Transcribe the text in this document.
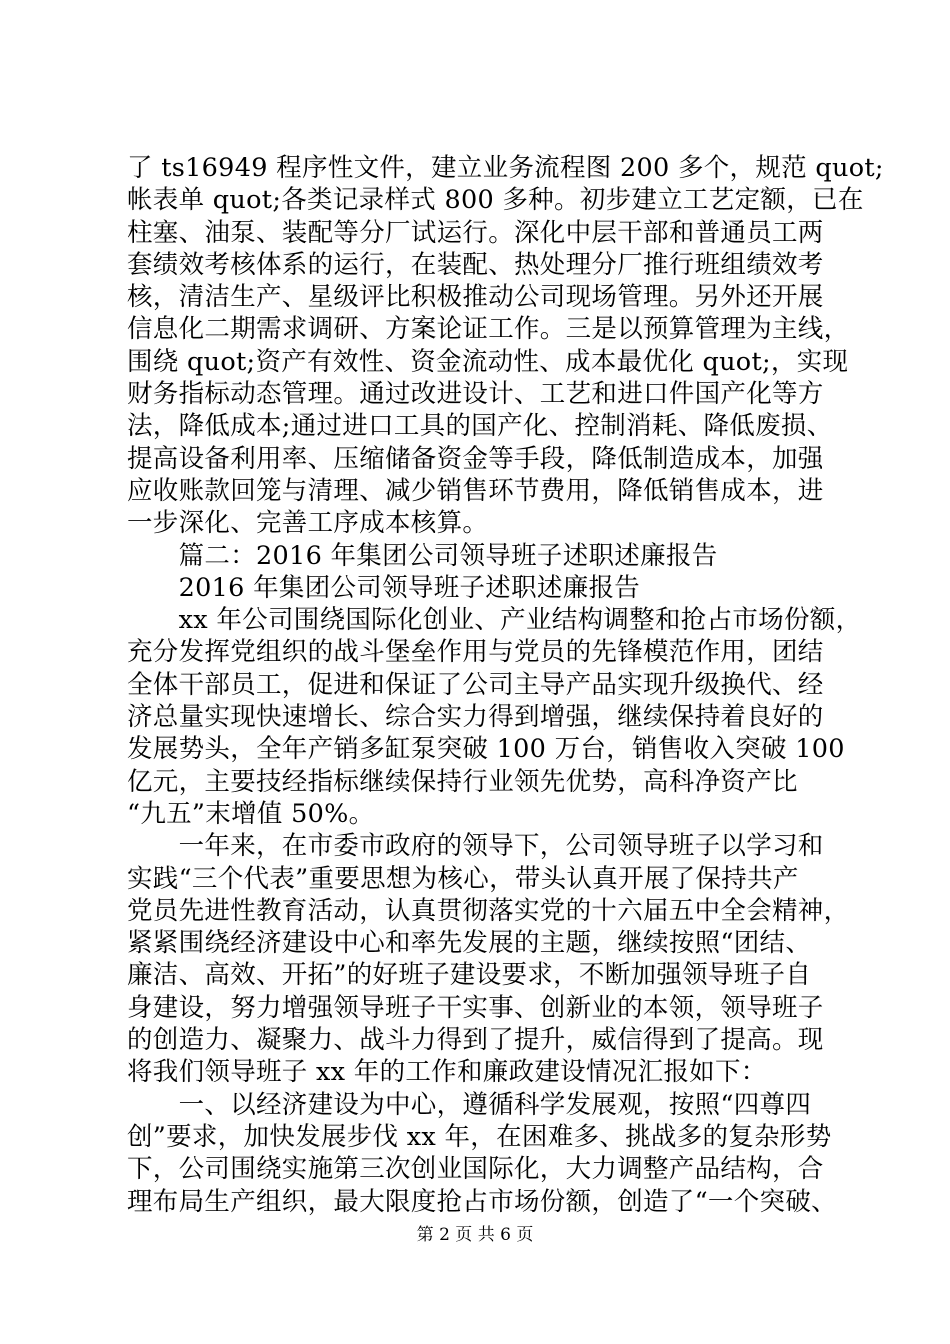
了 ts16949 程序性文件，建立业务流程图 200 多个，规范 quot;
帐表单 quot;各类记录样式 800 多种。初步建立工艺定额，已在
柱塞、油泵、装配等分厂试运行。深化中层干部和普通员工两
套绩效考核体系的运行，在装配、热处理分厂推行班组绩效考
核，清洁生产、星级评比积极推动公司现场管理。另外还开展
信息化二期需求调研、方案论证工作。三是以预算管理为主线，
围绕 quot;资产有效性、资金流动性、成本最优化 quot;，实现
财务指标动态管理。通过改进设计、工艺和进口件国产化等方
法，降低成本;通过进口工具的国产化、控制消耗、降低废损、
提高设备利用率、压缩储备资金等手段，降低制造成本，加强
应收账款回笼与清理、减少销售环节费用，降低销售成本，进
一步深化、完善工序成本核算。
　　篇二：2016 年集团公司领导班子述职述廉报告
　　2016 年集团公司领导班子述职述廉报告
　　xx 年公司围绕国际化创业、产业结构调整和抢占市场份额，
充分发挥党组织的战斗堡垒作用与党员的先锋模范作用，团结
全体干部员工，促进和保证了公司主导产品实现升级换代、经
济总量实现快速增长、综合实力得到增强，继续保持着良好的
发展势头，全年产销多缸泵突破 100 万台，销售收入突破 100
亿元，主要技经指标继续保持行业领先优势，高科净资产比
“九五”末增值 50%。
　　一年来，在市委市政府的领导下，公司领导班子以学习和
实践“三个代表”重要思想为核心，带头认真开展了保持共产
党员先进性教育活动，认真贯彻落实党的十六届五中全会精神，
紧紧围绕经济建设中心和率先发展的主题，继续按照“团结、
廉洁、高效、开拓”的好班子建设要求，不断加强领导班子自
身建设，努力增强领导班子干实事、创新业的本领，领导班子
的创造力、凝聚力、战斗力得到了提升，威信得到了提高。现
将我们领导班子 xx 年的工作和廉政建设情况汇报如下：
　　一、以经济建设为中心，遵循科学发展观，按照“四尊四
创”要求，加快发展步伐 xx 年，在困难多、挑战多的复杂形势
下，公司围绕实施第三次创业国际化，大力调整产品结构，合
理布局生产组织，最大限度抢占市场份额，创造了“一个突破、
第 2 页 共 6 页
